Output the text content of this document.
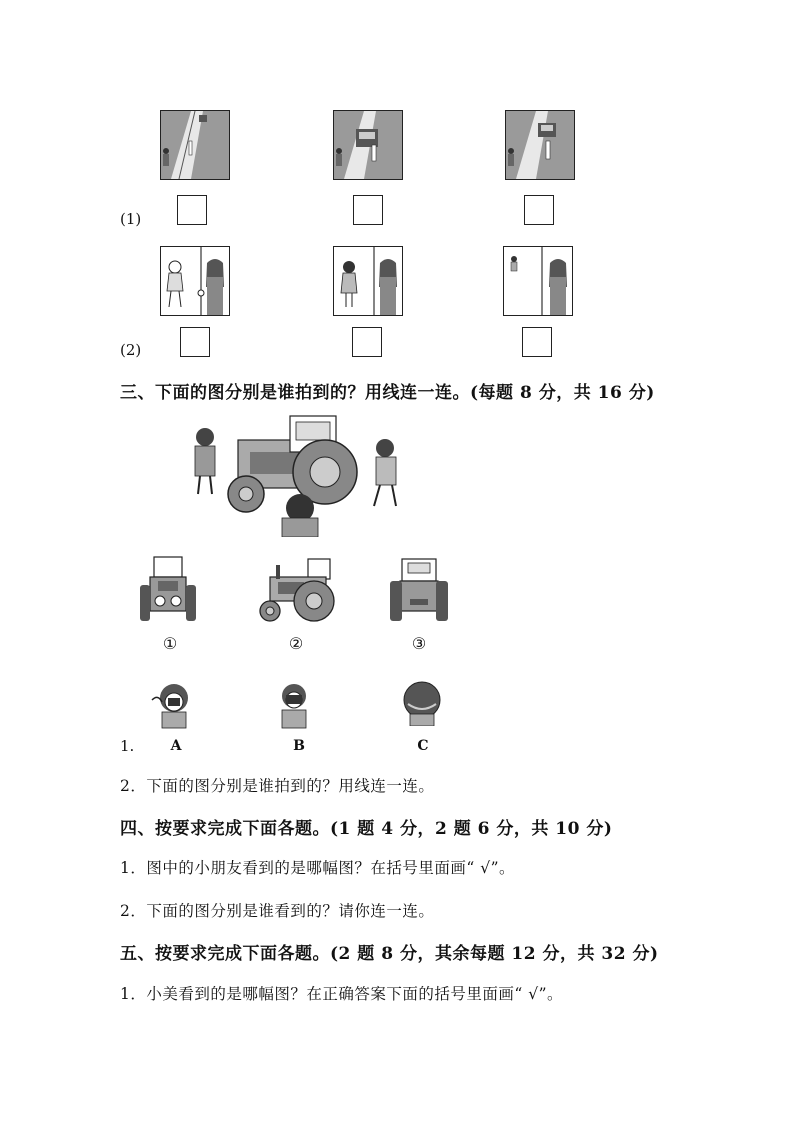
(1)
(2)
三、下面的图分别是谁拍到的？用线连一连。(每题 8 分，共 16 分)
①	②	③
1.	A	B	C
2．下面的图分别是谁拍到的？用线连一连。
四、按要求完成下面各题。(1 题 4 分，2 题 6 分，共 10 分)
1．图中的小朋友看到的是哪幅图？在括号里面画“ √”。
2．下面的图分别是谁看到的？请你连一连。
五、按要求完成下面各题。(2 题 8 分，其余每题 12 分，共 32 分)
1．小美看到的是哪幅图？在正确答案下面的括号里面画“ √”。
